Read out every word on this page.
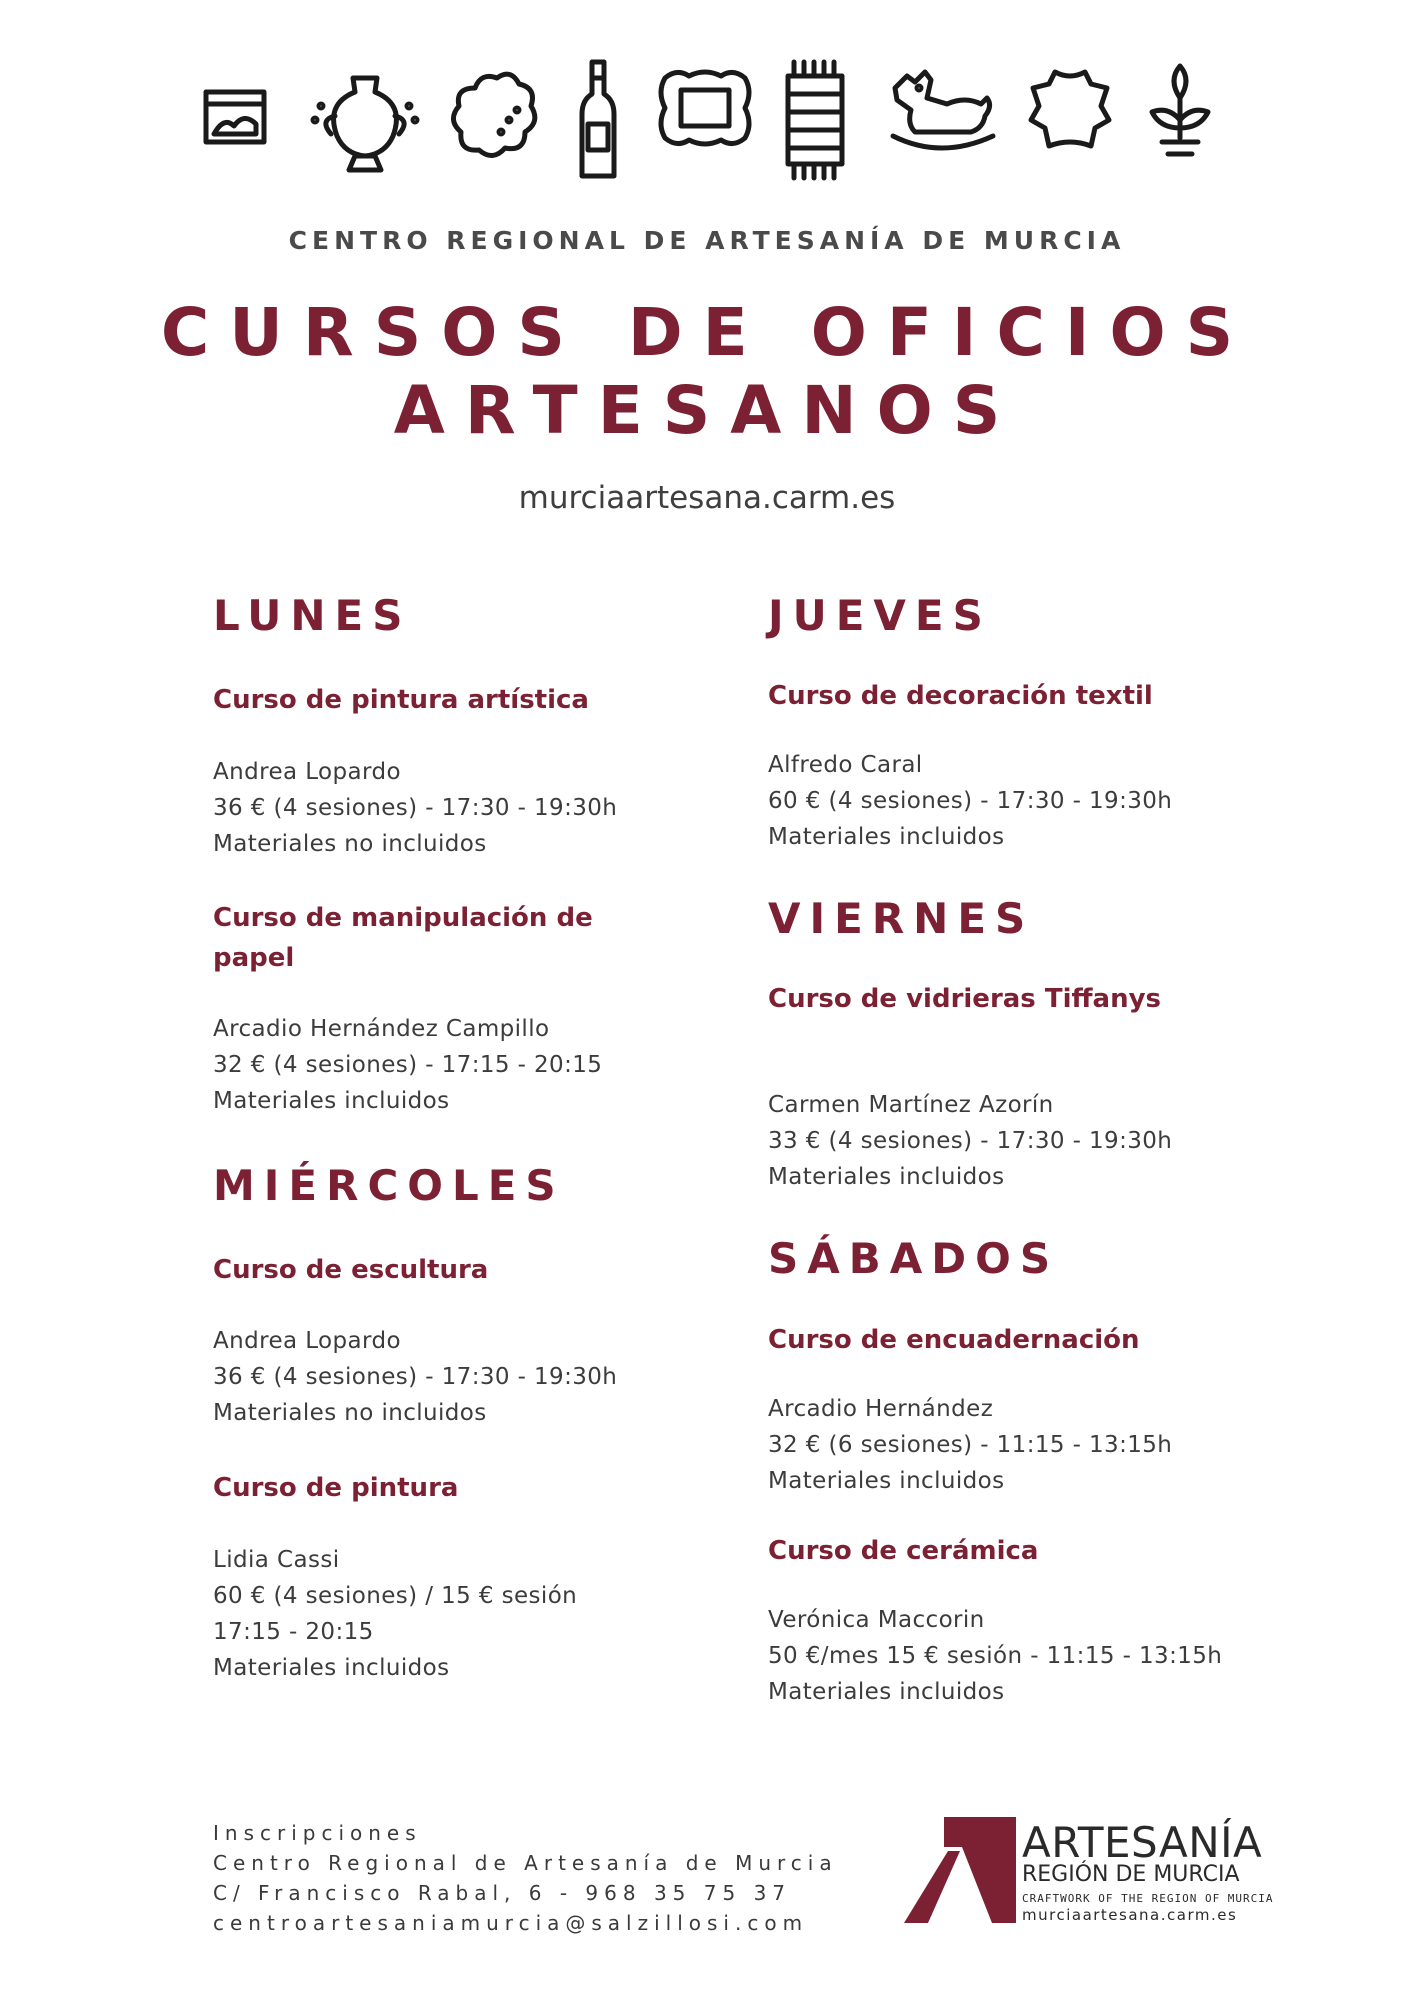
CENTRO REGIONAL DE ARTESANÍA DE MURCIA
CURSOS DE OFICIOS
ARTESANOS
murciaartesana.carm.es
LUNES
Curso de pintura artística
Andrea Lopardo
36 € (4 sesiones) - 17:30 - 19:30h
Materiales no incluidos
Curso de manipulación de papel
Arcadio Hernández Campillo
32 € (4 sesiones) - 17:15 - 20:15
Materiales incluidos
MIÉRCOLES
Curso de escultura
Andrea Lopardo
36 € (4 sesiones) - 17:30 - 19:30h
Materiales no incluidos
Curso de pintura
Lidia Cassi
60 € (4 sesiones) / 15 € sesión
17:15 - 20:15
Materiales incluidos
JUEVES
Curso de decoración textil
Alfredo Caral
60 € (4 sesiones) - 17:30 - 19:30h
Materiales incluidos
VIERNES
Curso de vidrieras Tiffanys
Carmen Martínez Azorín
33 € (4 sesiones) - 17:30 - 19:30h
Materiales incluidos
SÁBADOS
Curso de encuadernación
Arcadio Hernández
32 € (6 sesiones) - 11:15 - 13:15h
Materiales incluidos
Curso de cerámica
Verónica Maccorin
50 €/mes 15 € sesión - 11:15 - 13:15h
Materiales incluidos
Inscripciones
Centro Regional de Artesanía de Murcia
C/ Francisco Rabal, 6 - 968 35 75 37
centroartesaniamurcia@salzillosi.com
ARTESANÍA
REGIÓN DE MURCIA
CRAFTWORK OF THE REGION OF MURCIA
murciaartesana.carm.es
